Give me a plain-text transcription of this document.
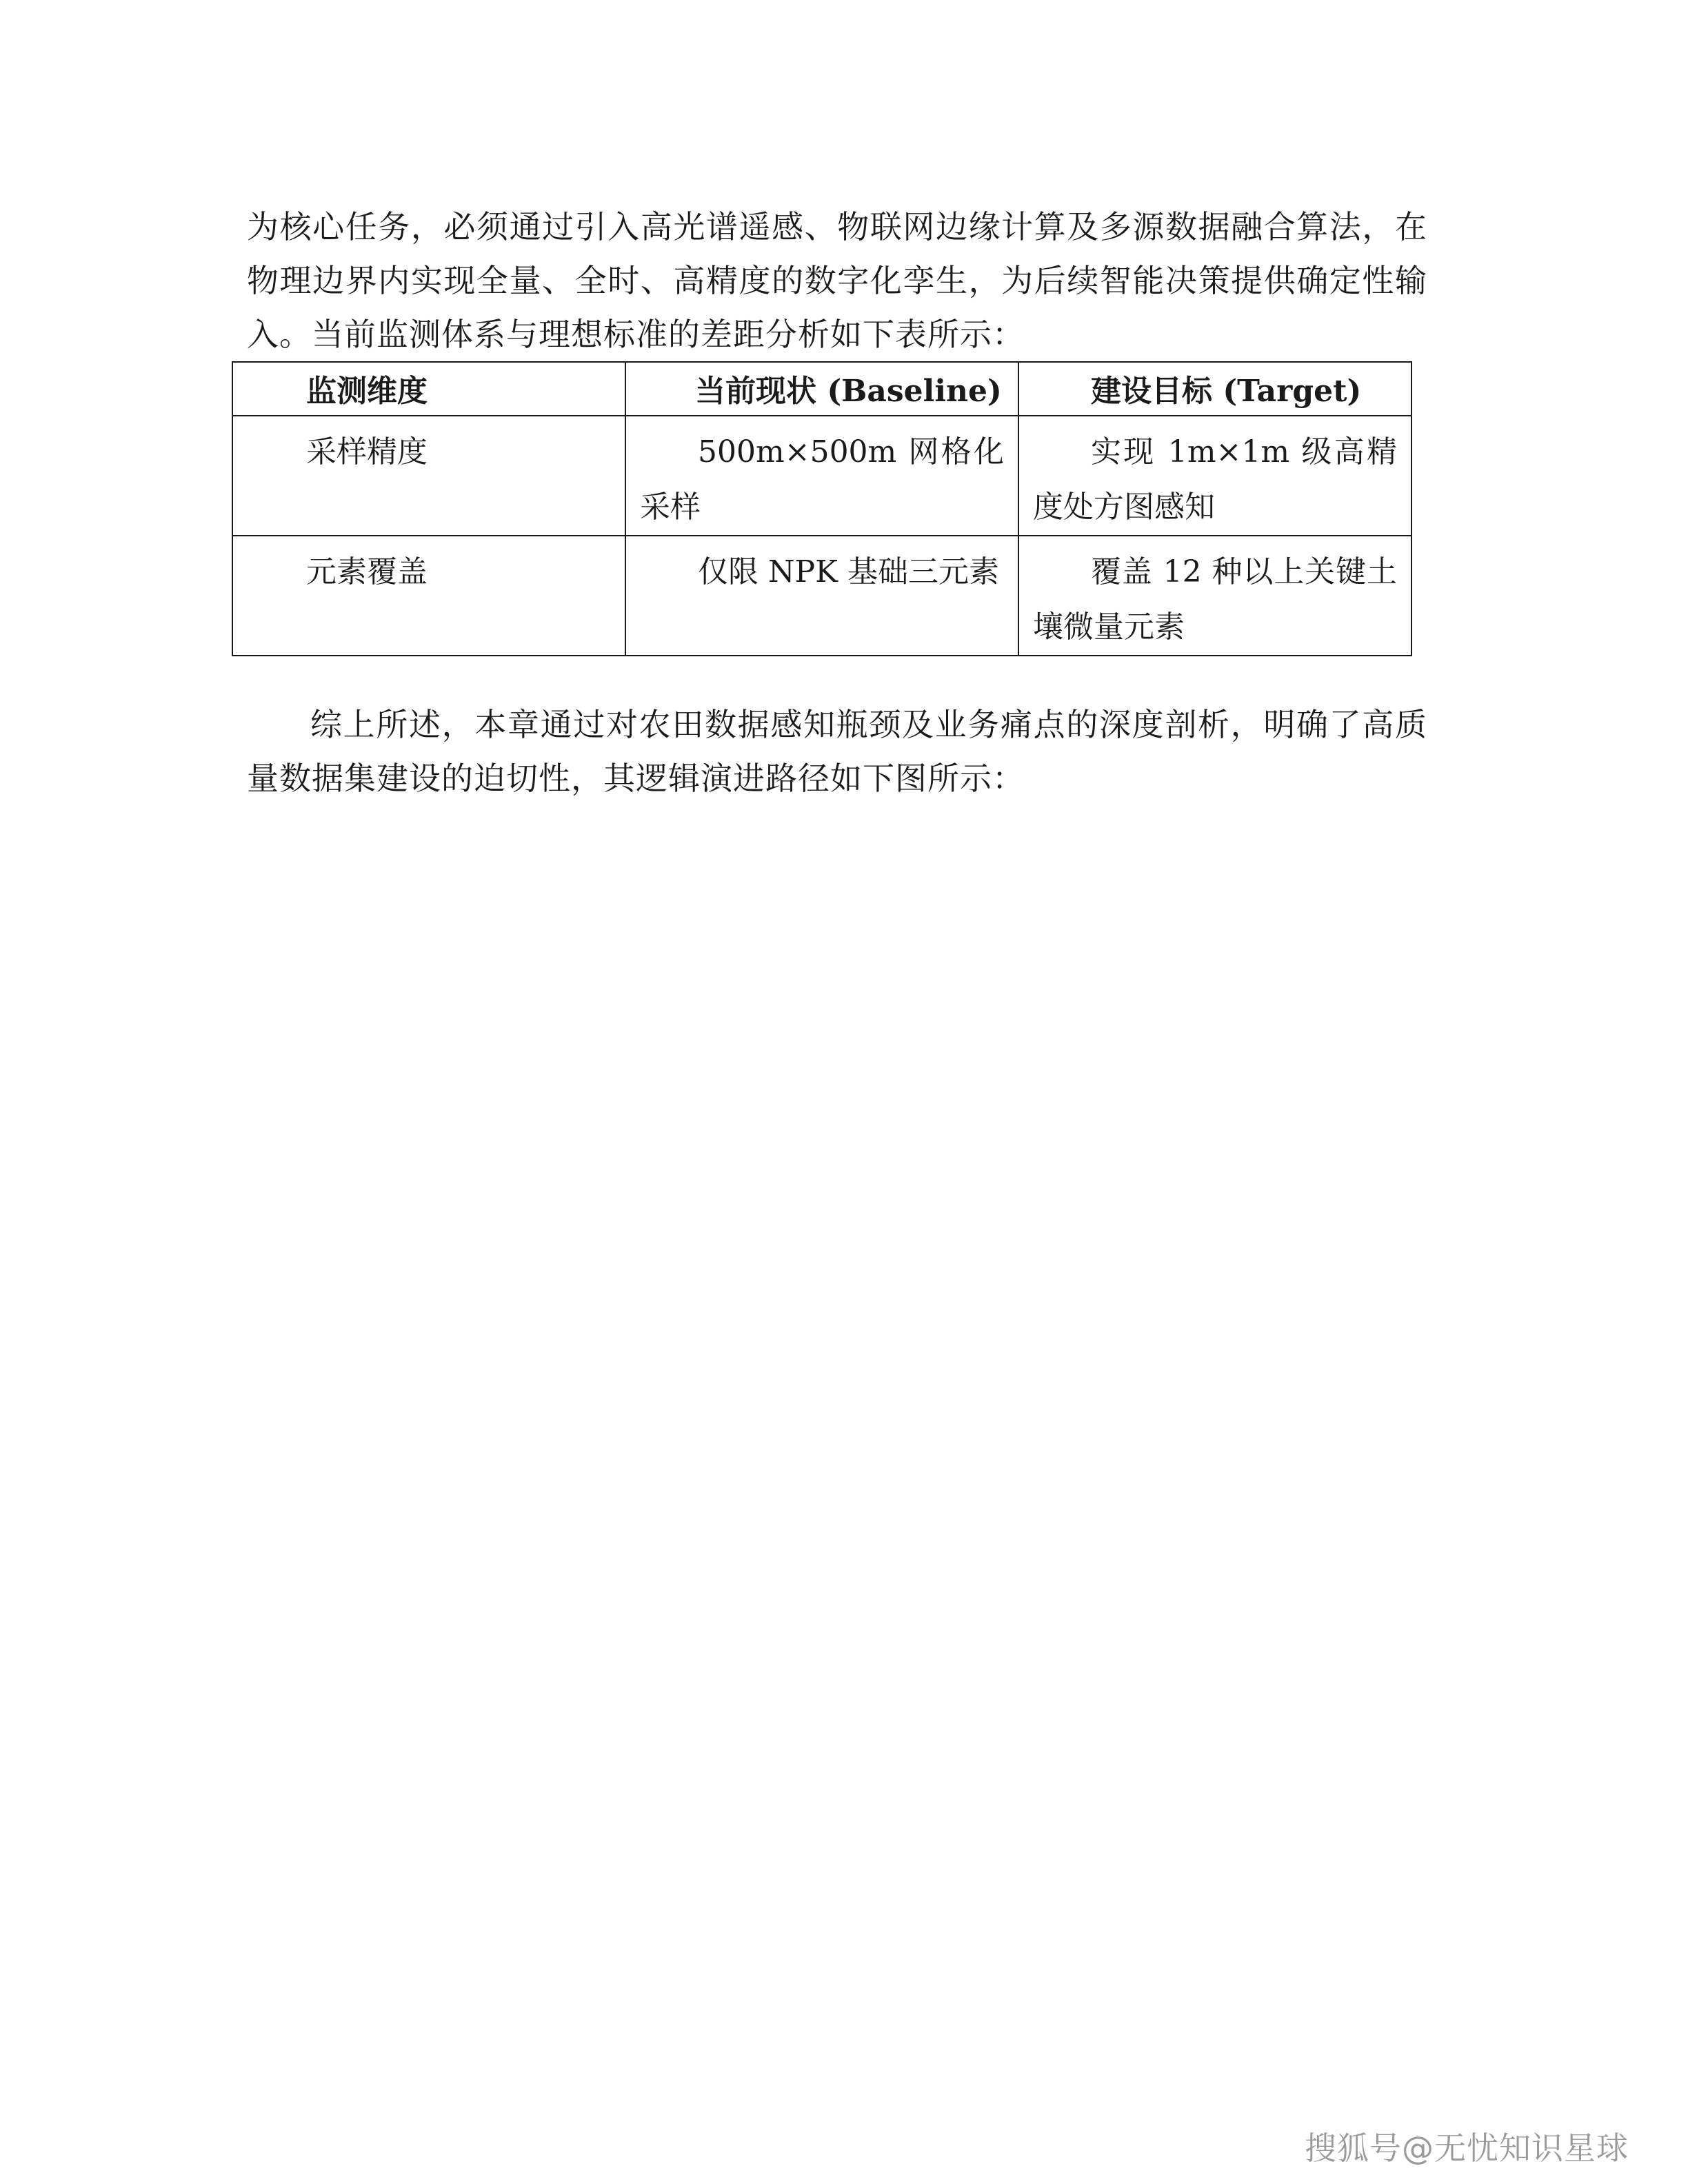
为核心任务，必须通过引入高光谱遥感、物联网边缘计算及多源数据融合算法，在物理边界内实现全量、全时、高精度的数字化孪生，为后续智能决策提供确定性输入。当前监测体系与理想标准的差距分析如下表所示：

监测维度	当前现状 (Baseline)	建设目标 (Target)
采样精度	500m×500m 网格化采样	实现 1m×1m 级高精度处方图感知
元素覆盖	仅限 NPK 基础三元素	覆盖 12 种以上关键土壤微量元素

综上所述，本章通过对农田数据感知瓶颈及业务痛点的深度剖析，明确了高质量数据集建设的迫切性，其逻辑演进路径如下图所示：

搜狐号@无忧知识星球
